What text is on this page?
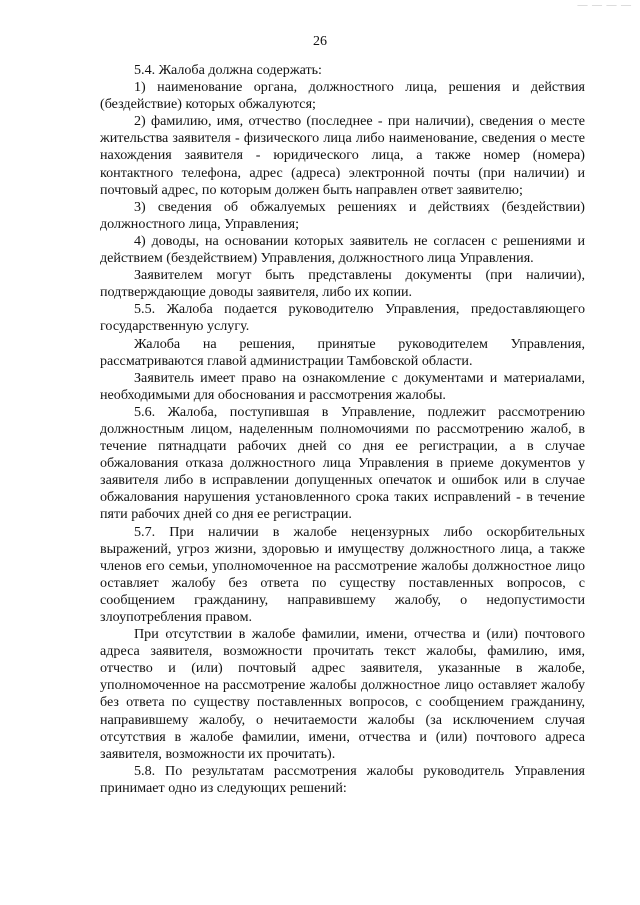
— — — —
26

5.4. Жалоба должна содержать:

1) наименование органа, должностного лица, решения и действия (бездействие) которых обжалуются;

2) фамилию, имя, отчество (последнее - при наличии), сведения о месте жительства заявителя - физического лица либо наименование, сведения о месте нахождения заявителя - юридического лица, а также номер (номера) контактного телефона, адрес (адреса) электронной почты (при наличии) и почтовый адрес, по которым должен быть направлен ответ заявителю;

3) сведения об обжалуемых решениях и действиях (бездействии) должностного лица, Управления;

4) доводы, на основании которых заявитель не согласен с решениями и действием (бездействием) Управления, должностного лица Управления.

Заявителем могут быть представлены документы (при наличии), подтверждающие доводы заявителя, либо их копии.

5.5. Жалоба подается руководителю Управления, предоставляющего государственную услугу.

Жалоба на решения, принятые руководителем Управления, рассматриваются главой администрации Тамбовской области.

Заявитель имеет право на ознакомление с документами и материалами, необходимыми для обоснования и рассмотрения жалобы.

5.6. Жалоба, поступившая в Управление, подлежит рассмотрению должностным лицом, наделенным полномочиями по рассмотрению жалоб, в течение пятнадцати рабочих дней со дня ее регистрации, а в случае обжалования отказа должностного лица Управления в приеме документов у заявителя либо в исправлении допущенных опечаток и ошибок или в случае обжалования нарушения установленного срока таких исправлений - в течение пяти рабочих дней со дня ее регистрации.

5.7. При наличии в жалобе нецензурных либо оскорбительных выражений, угроз жизни, здоровью и имуществу должностного лица, а также членов его семьи, уполномоченное на рассмотрение жалобы должностное лицо оставляет жалобу без ответа по существу поставленных вопросов, с сообщением гражданину, направившему жалобу, о недопустимости злоупотребления правом.

При отсутствии в жалобе фамилии, имени, отчества и (или) почтового адреса заявителя, возможности прочитать текст жалобы, фамилию, имя, отчество и (или) почтовый адрес заявителя, указанные в жалобе, уполномоченное на рассмотрение жалобы должностное лицо оставляет жалобу без ответа по существу поставленных вопросов, с сообщением гражданину, направившему жалобу, о нечитаемости жалобы (за исключением случая отсутствия в жалобе фамилии, имени, отчества и (или) почтового адреса заявителя, возможности их прочитать).

5.8. По результатам рассмотрения жалобы руководитель Управления принимает одно из следующих решений:
